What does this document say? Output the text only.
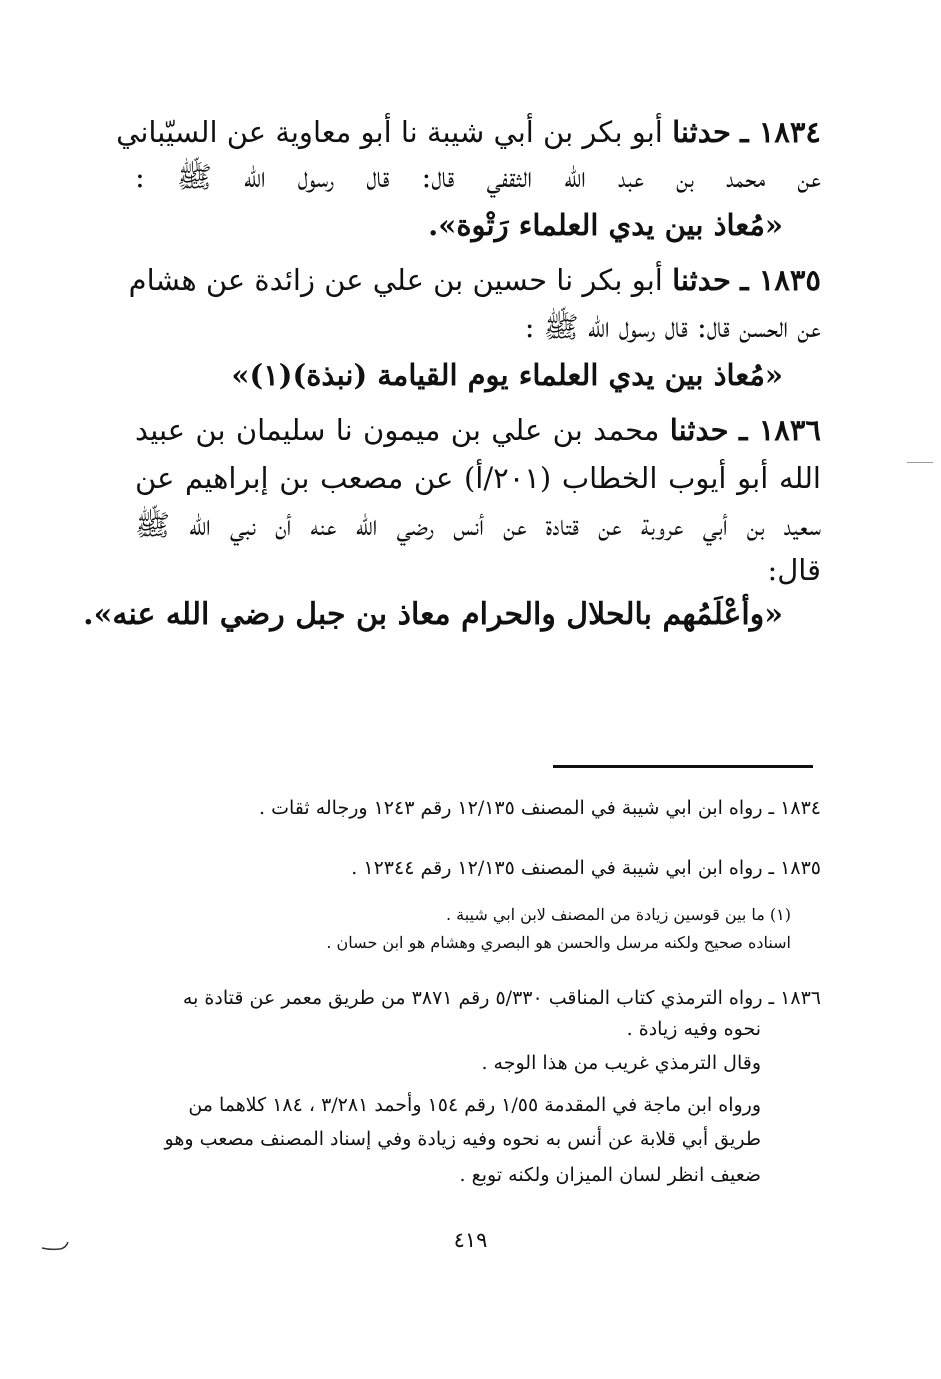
١٨٣٤ ـ حدثنا أبو بكر بن أبي شيبة نا أبو معاوية عن السيّباني
عن محمد بن عبد الله الثقفي قال: قال رسول الله ﷺ :
«مُعاذ بين يدي العلماء رَتْوة».
١٨٣٥ ـ حدثنا أبو بكر نا حسين بن علي عن زائدة عن هشام
عن الحسن قال: قال رسول الله ﷺ :
«مُعاذ بين يدي العلماء يوم القيامة (نبذة)(١)»
١٨٣٦ ـ حدثنا محمد بن علي بن ميمون نا سليمان بن عبيد
الله أبو أيوب الخطاب (٢٠١/أ) عن مصعب بن إبراهيم عن
سعيد بن أبي عروبة عن قتادة عن أنس رضي الله عنه أن نبي الله ﷺ
قال:
«وأعْلَمُهم بالحلال والحرام معاذ بن جبل رضي الله عنه».
١٨٣٤ ـ رواه ابن ابي شيبة في المصنف ١٢/١٣٥ رقم ١٢٤٣ ورجاله ثقات .
١٨٣٥ ـ رواه ابن ابي شيبة في المصنف ١٢/١٣٥ رقم ١٢٣٤٤ .
(١) ما بين قوسين زيادة من المصنف لابن ابي شيبة .
اسناده صحيح ولكنه مرسل والحسن هو البصري وهشام هو ابن حسان .
١٨٣٦ ـ رواه الترمذي كتاب المناقب ٥/٣٣٠ رقم ٣٨٧١ من طريق معمر عن قتادة به
نحوه وفيه زيادة .
وقال الترمذي غريب من هذا الوجه .
ورواه ابن ماجة في المقدمة ١/٥٥ رقم ١٥٤ وأحمد ٣/٢٨١ ، ١٨٤ كلاهما من
طريق أبي قلابة عن أنس به نحوه وفيه زيادة وفي إسناد المصنف مصعب وهو
ضعيف انظر لسان الميزان ولكنه توبع .
٤١٩
